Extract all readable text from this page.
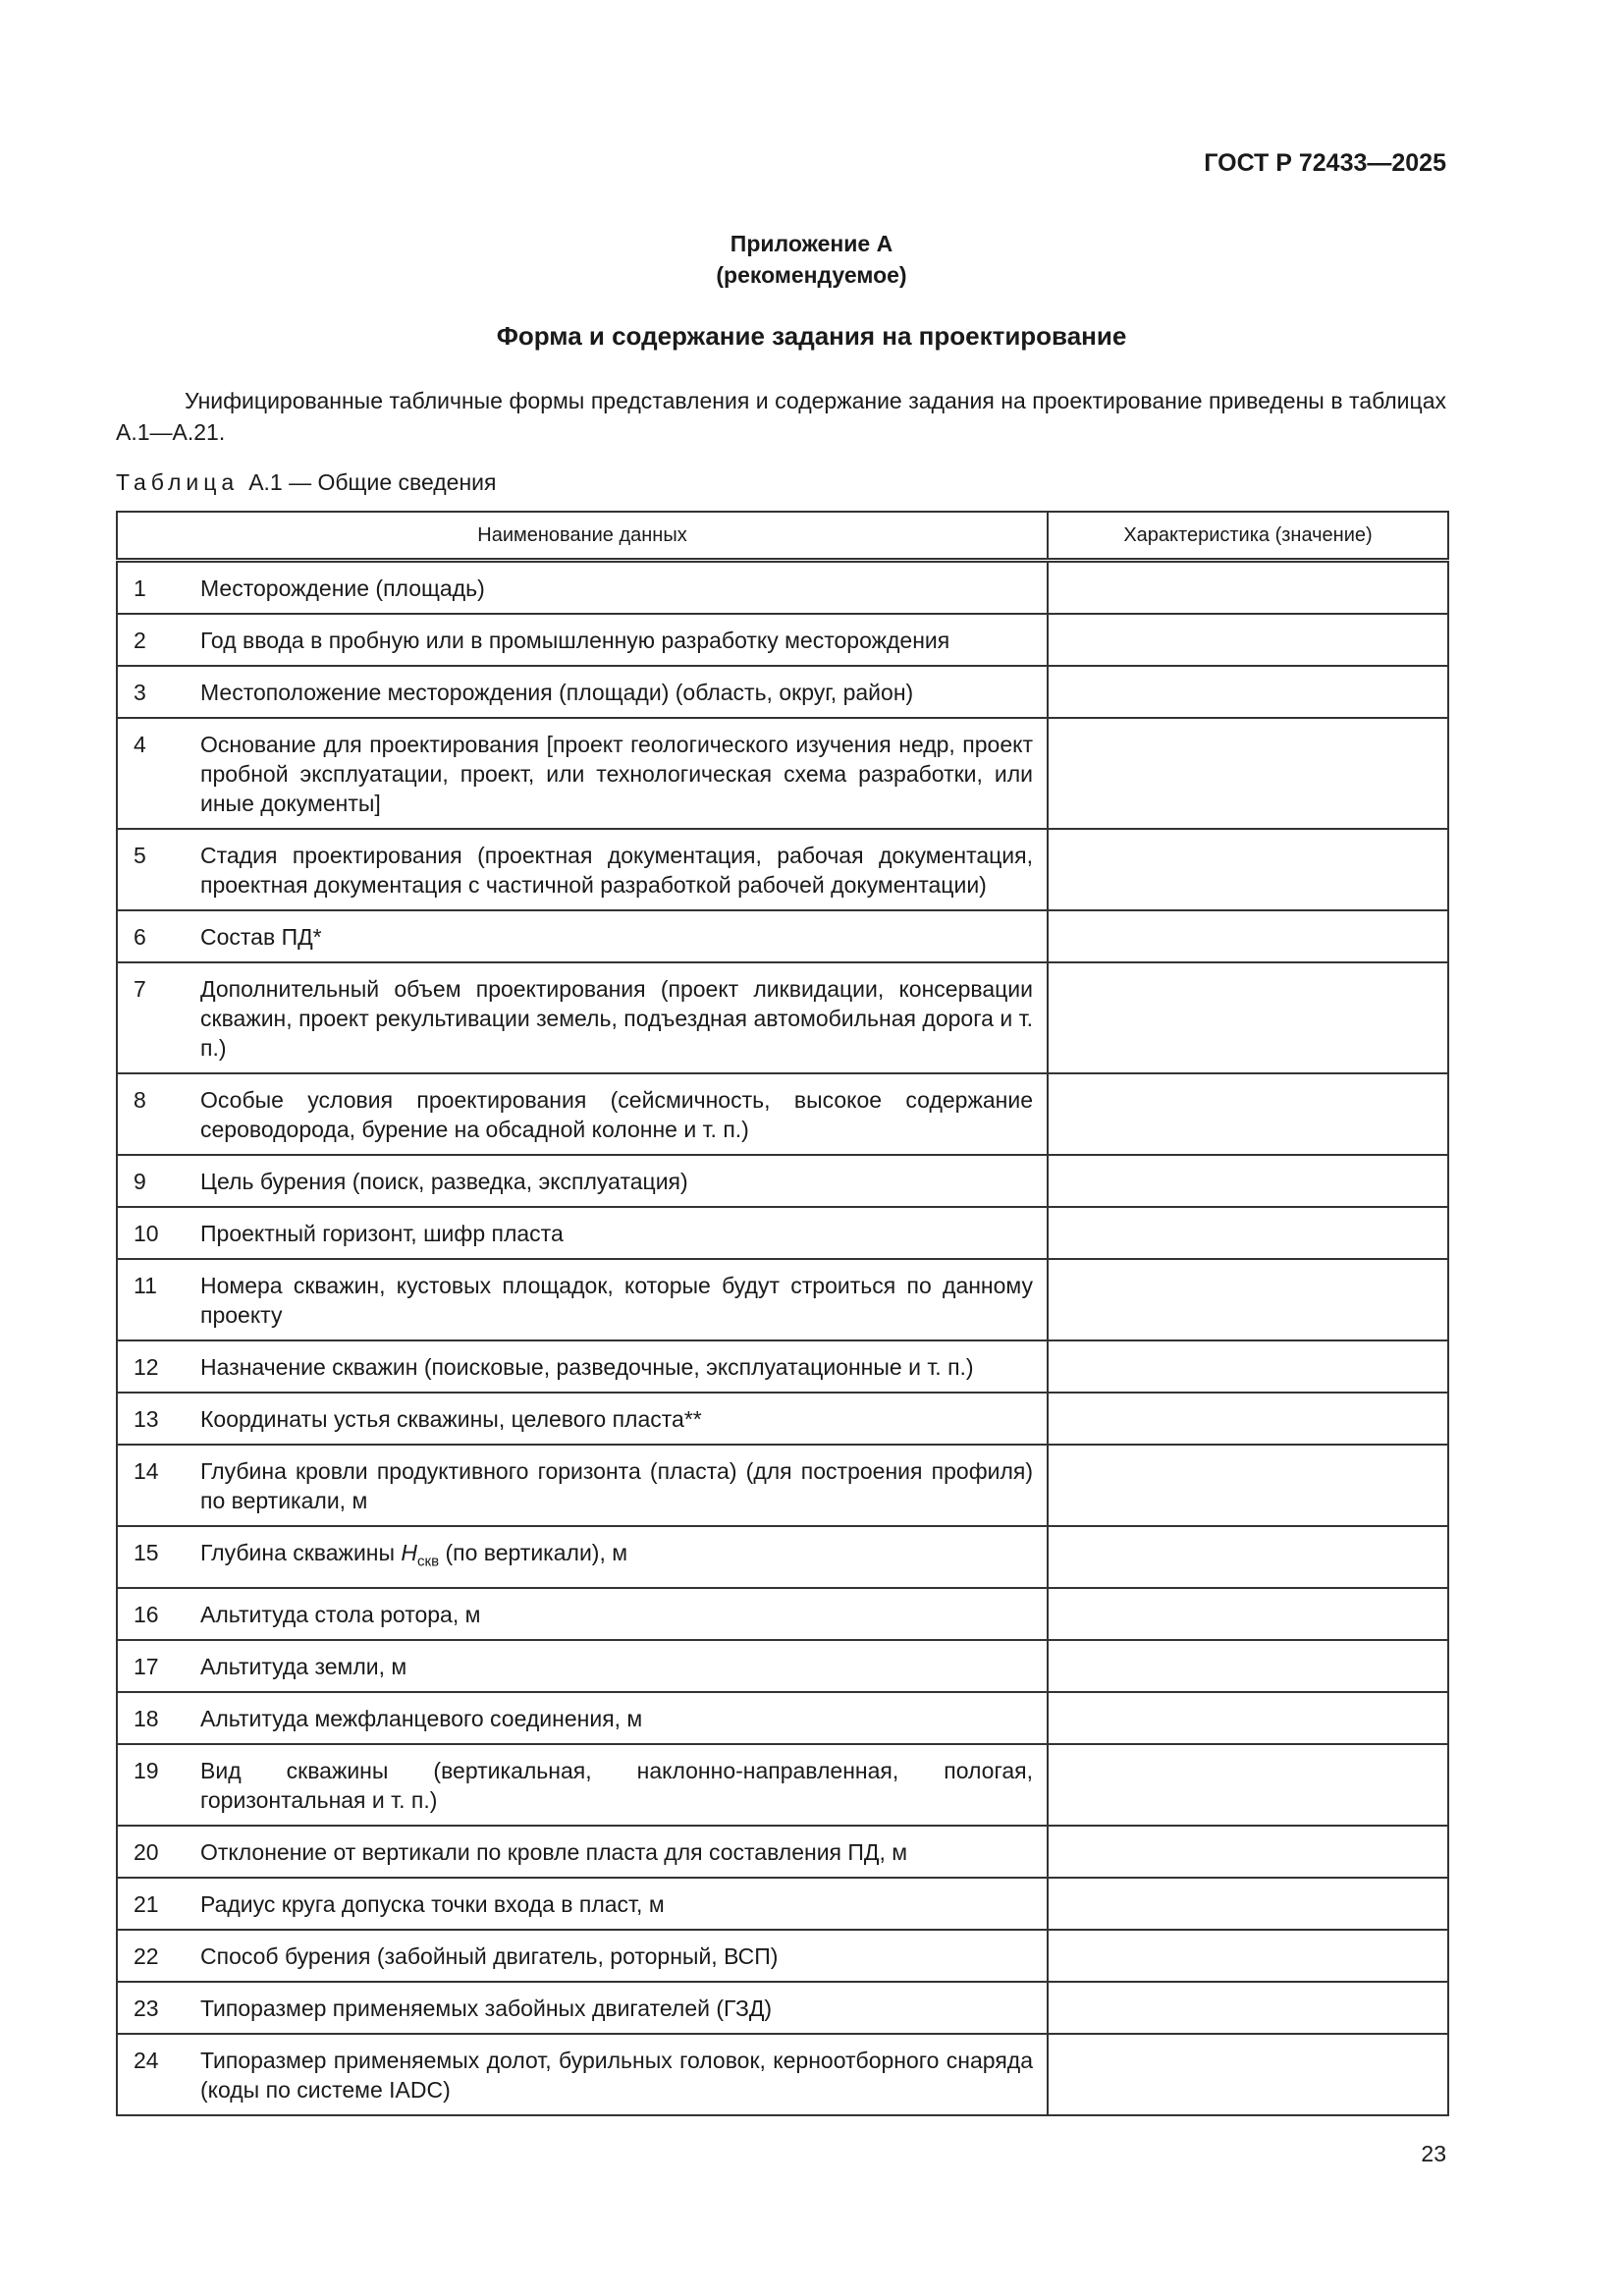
ГОСТ Р 72433—2025
Приложение А
(рекомендуемое)
Форма и содержание задания на проектирование
Унифицированные табличные формы представления и содержание задания на проектирование приведены в таблицах А.1—А.21.
Таблица А.1 — Общие сведения
Наименование данных	Характеристика (значение)

1 Месторождение (площадь)	

2 Год ввода в пробную или в промышленную разработку месторождения	

3 Местоположение месторождения (площади) (область, округ, район)	

4 Основание для проектирования [проект геологического изучения недр, проект пробной эксплуатации, проект, или технологическая схема разработки, или иные документы]	

5 Стадия проектирования (проектная документация, рабочая документация, проектная документация с частичной разработкой рабочей документации)	

6 Состав ПД*	

7 Дополнительный объем проектирования (проект ликвидации, консервации скважин, проект рекультивации земель, подъездная автомобильная дорога и т. п.)	

8 Особые условия проектирования (сейсмичность, высокое содержание сероводорода, бурение на обсадной колонне и т. п.)	

9 Цель бурения (поиск, разведка, эксплуатация)	

10 Проектный горизонт, шифр пласта	

11 Номера скважин, кустовых площадок, которые будут строиться по данному проекту	

12 Назначение скважин (поисковые, разведочные, эксплуатационные и т. п.)	

13 Координаты устья скважины, целевого пласта**	

14 Глубина кровли продуктивного горизонта (пласта) (для построения профиля) по вертикали, м	

15 Глубина скважины $Н_{скв}$ (по вертикали), м	

16 Альтитуда стола ротора, м	

17 Альтитуда земли, м	

18 Альтитуда межфланцевого соединения, м	

19 Вид скважины (вертикальная, наклонно-направленная, пологая, горизонтальная и т. п.)	

20 Отклонение от вертикали по кровле пласта для составления ПД, м	

21 Радиус круга допуска точки входа в пласт, м	

22 Способ бурения (забойный двигатель, роторный, ВСП)	

23 Типоразмер применяемых забойных двигателей (ГЗД)	

24 Типоразмер применяемых долот, бурильных головок, керноотборного снаряда (коды по системе IADC)	

23
